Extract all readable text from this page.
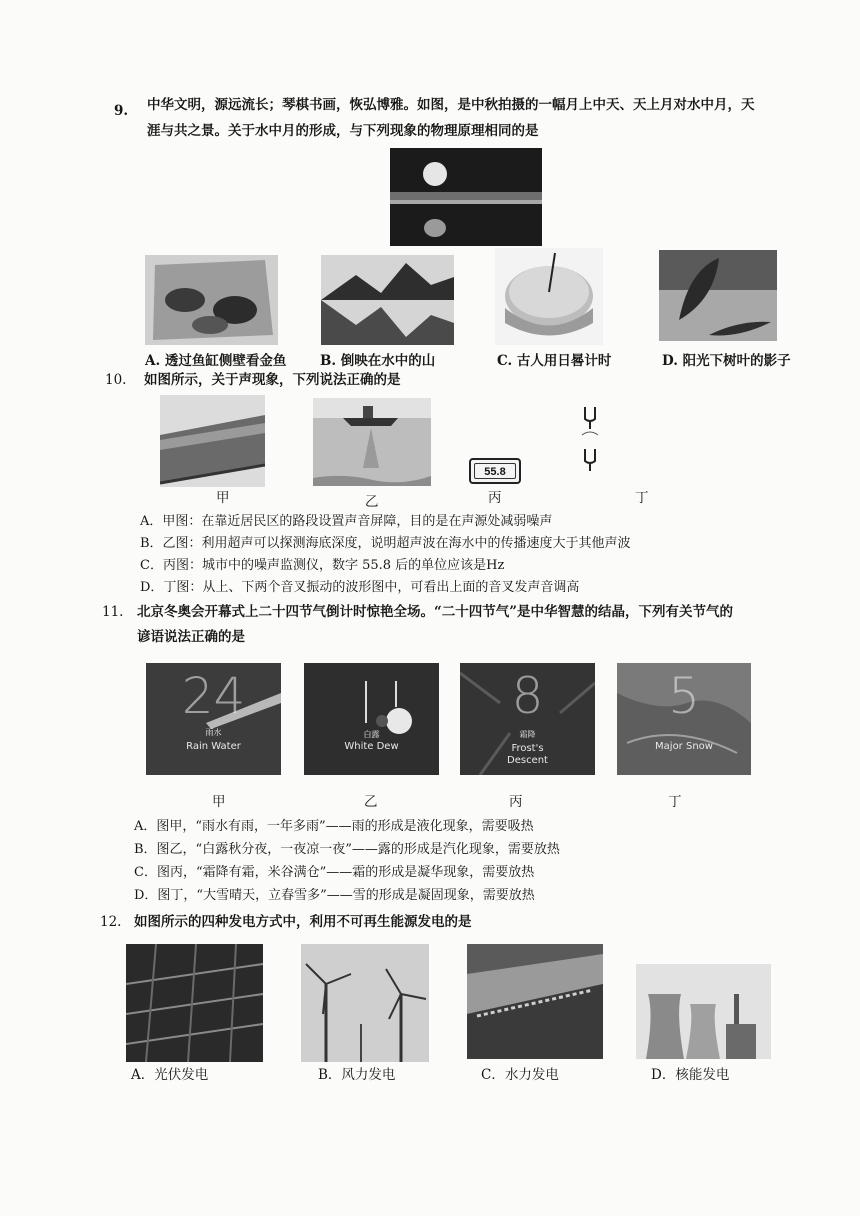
9. 中华文明，源远流长；琴棋书画，恢弘博雅。如图，是中秋拍摄的一幅月上中天、天上月对水中月，天
涯与共之景。关于水中月的形成，与下列现象的物理原理相同的是
A. 透过鱼缸侧壁看金鱼 B. 倒映在水中的山	C. 古人用日晷计时	D. 阳光下树叶的影子
10. 如图所示，关于声现象，下列说法正确的是
55.8
甲	乙	丙	丁
A．甲图：在靠近居民区的路段设置声音屏障，目的是在声源处减弱噪声
B．乙图：利用超声可以探测海底深度，说明超声波在海水中的传播速度大于其他声波
C．丙图：城市中的噪声监测仪，数字 55.8 后的单位应该是Hz
D．丁图：从上、下两个音叉振动的波形图中，可看出上面的音叉发声音调高
11. 北京冬奥会开幕式上二十四节气倒计时惊艳全场。“二十四节气”是中华智慧的结晶，下列有关节气的
谚语说法正确的是
24
雨水
Rain Water
白露
White Dew
8
霜降
Frost's Descent
5
Major Snow
甲	乙	丙	丁
A．图甲，“雨水有雨，一年多雨”——雨的形成是液化现象，需要吸热
B．图乙，“白露秋分夜，一夜凉一夜”——露的形成是汽化现象，需要放热
C．图丙，“霜降有霜，米谷满仓”——霜的形成是凝华现象，需要放热
D．图丁，“大雪晴天，立春雪多”——雪的形成是凝固现象，需要放热
12. 如图所示的四种发电方式中，利用不可再生能源发电的是
A．光伏发电	B．风力发电	C．水力发电	D．核能发电
